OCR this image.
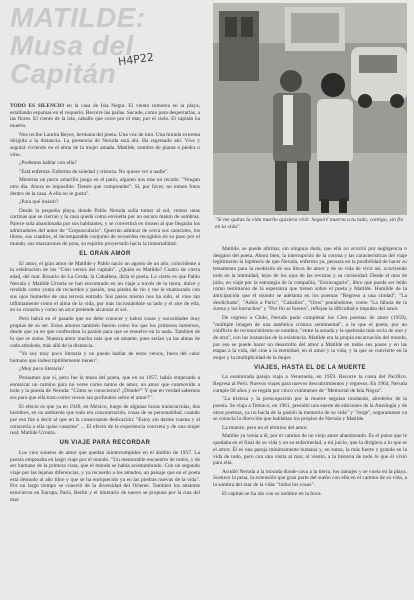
MATILDE:
Musa del
Capitán H4P22

TODO ES SILENCIO en la casa de Isla Negra. El viento rumorea en la playa, estallando espumas en el roquerío. Recorre las pailas. Sacude, como para despertarlas, a las flores. El viento de la isla, caballo que corre por el mar, por el cielo. El capitán ha muerto.

Nos recibe Laurita Reyes, hermana del poeta. Una voz de luto. Una mirada extrema dirigida a la distancia. La presencia de Neruda está ahí. Ha regresado ahí. Vive y seguirá viviendo en el alma de la mujer amada. Matilde, nombre de planta o piedra o vino.

¿Podemos hablar con ella?

"Está enferma. Enferma de soledad y tristeza. No quiere ver a nadie".

Mientras un perro amarillo juega en el patio, alguien nos trae un recado: "Vengan otro día. Ahora es imposible. Tienen que comprender". Sí, por favor, no tomen fotos dentro de la casa. A ella no le gusta".

¿Para qué insistir?

Desde la pequeña playa, donde Pablo Neruda solía tumar al sol, vemos unas cortinas que se cierran y la casa queda como envuelta por un oscuro manto de sombras. Parece sola abandonada por sus habitantes, y se convertirá en museo al que llegarán los admiradores del autor de "Crepusculario". Querrán admirar de cerca sus caracoles, los libros, sus cuadros, el incomparable conjunto de recuerdos recogidos en su paso por el mundo, sus mascarones de proa, su espíritu proyectado hacia la inmortalidad.

EL GRAN AMOR

El amor, el gran amor de Matilde y Pablo nació un agosto de un año, coincidente a la celebración de los "Cien versos del capitán". ¿Quién es Matilde? Cuatro de cierta edad, del mar. Rosario de La Cerda, la Caballera, diría el poeta. Lo cierto es que Pablo Neruda y Matilde Urrutia se han encontrado en un viaje a través de la tierra, dulce y rendido como yunta de recuerdos y pasión, una piedra de río y me le enamorado con sus ojos humedos de una tercera entrada. Sus pasos mismo nos ha sido, el vino tan infinitamente como el alma de la vida, por más incrustándole su lado y el aire de ella, en su corazón y como un arco pretende alcanzar al sol.

Pero habrá en el pasado que no debe conocer y habrá cosas y oscuridades muy propias de su ser. Estos amores también fueron como los que los primeros inmersos, desde que ya en que confesaban la pasión para que se resuelve en la nada. Tambien de lo que se sume. Nuestra amor mucho más que un amante, pues serían ya las almas de cada arboleda, más allá de la distancia.

"Yo soy muy poco literaria y no puedo hablar de estos versos, fuera del calor humano que indescriptiblemente tienen".

¿Muy poco literaria?

Pensamos que sí, pero fue la musa del poeta, que en su 1957, había empezado a enmarcar un camino para no verse como tantos de amor, un amor que conmovido a todo y la poesía de Neruda: "Cómo se conocieron? ¿Dónde?" Y que en verdad sabemos era para que ella trato como versos tan profundos sobre el amor?".

El efecto es que ya en 1949, en México, luego de algunas horas transcurridas, dos hombres, en un ambiente que todo era concentración, cosas de su personalidad, cuando por eso fue a decir al que en la consecuente dedicación: "Estoy sin darme cuenta y al conocerla a ella quise casarme" ... El efecto de la experiencia concreta y de una mujer real: Matilde Urrutia.

UN VIAJE PARA RECORDAR

Los cien sonetos de amor que quedan ininterrumpidos en él ámbito de 1957. La poesía empezaba en largo viaje por el mundo. "Un memorable encuentro de todos, y de ser humano de la primera vista, que el mundo se había acostumbrado. Con un segundo viaje por las lejanas diferencias, y ya recuerdo a los amados, un paisaje que en el poeta está desnudo al año libre y que se ha enriquecido ya en las piedras nuevas de la vida". Por un largo tiempo se conectó de la diversidad del Oriente. Tambien los amantes estuvieron en Europa, París, Berlín y el itinerario de nuevo se propuso por la ruta del mar.

"Si me quitas la vida mucho quisiera vivir. Seguiré muerta a tu lado, contigo, sin fin en la vida".

Matilde, se puede afirmar, sin ninguna duda, que ella no ocurrió por negligencia o desgano del poeta. Ahora bien, la interrupción de la corona y las características del viaje legitimaron la hipótesis de que Neruda, enfermo ya, pensara en la posibilidad de hacer su testamento para la reedición de sus libros de amor y de su vida de vivir así, ocurriendo todo en la intimidad, lejos de los ojos de las revistas y su curiosidad. Desde el mes de julio, en viaje por la estrategia de la compañía, "Estravagario", libro que puede ser leído como testimonio de la esperanza que tienen sobre el poeta y Matilde. Humilde de la anticipación que el mundo se adelanta en los poemas "Regreso a una ciudad", "La desdichada", "Adiós a París", "Caballos", "Oros" poniéndome, como "La fábula de la sirena y los borrachos" y "Por fin se fueron", reflejan la dificultad e impulso del amor.

De regreso a Chile, Neruda pudo completar los Cien poemas de amor (1959), "múltiple imagen de una auténtica crónica sentimental", a lo que el poeta, por un conflicto de reconocimiento se nombra, "entre la amada y la quebrada más recia de uno y de otra", con las instancias de la existencia. Matilde era la propia encarnación del mundo, por eso se puede hacer un desarrollo del amor a Matilde en todos sus pasos y en las etapas a la vida, del cine a la eternidad, en el amor y la vida, y la que se convierte en la mujer y la multiplicidad de la mujer.

VIAJES, HASTA EL DE LA MUERTE

La enamorada pareja viaja a Venezuela, en 1959. Recorre la costa del Pacífico. Regresa al Perú. Nuevos viajes para nuevos descubrimientos y regresos. En 1964, Neruda cumple 60 años y se regala por cinco volúmenes de "Memorial de Isla Negra".

"La tristeza y la preocupación por la muerte seguían rondando, alrededor de la poesía. Se viaja a Temuco, en 1961, presidió una suerte de ediciones de la Antología y de otros poemas, ya no hacía de la pasión la memoria de su vida" y "Jorge", seguramente ya se conocía la dirección que hablaban los propios de Neruda y Matilde.

La muerte, pero no el término del amor.

Matilde ya venía a él, por el camino de un viejo amor abandonado. Es el pulso que le quedaba en el final de su vida y en su enfermedad, a mi juicio, que la dirigiera a lo que es el amor. Él es una pareja mínimamente humana y, en suma, la más fuerte y grande en la vida de todo, pero con una visita al mar, al viento, a la historia de todo lo que él vivió para ella.

Acudió Neruda a la morada donde cava a la tierra, los ramajes y se vuela en la playa. Sostuvo la pena, la extensión que gran parte del sueño con ella en el camino de su vida, a la sombra del mar de la vida: "todos los cosas".

El capitán se ha ido con su nombre en la boca.
